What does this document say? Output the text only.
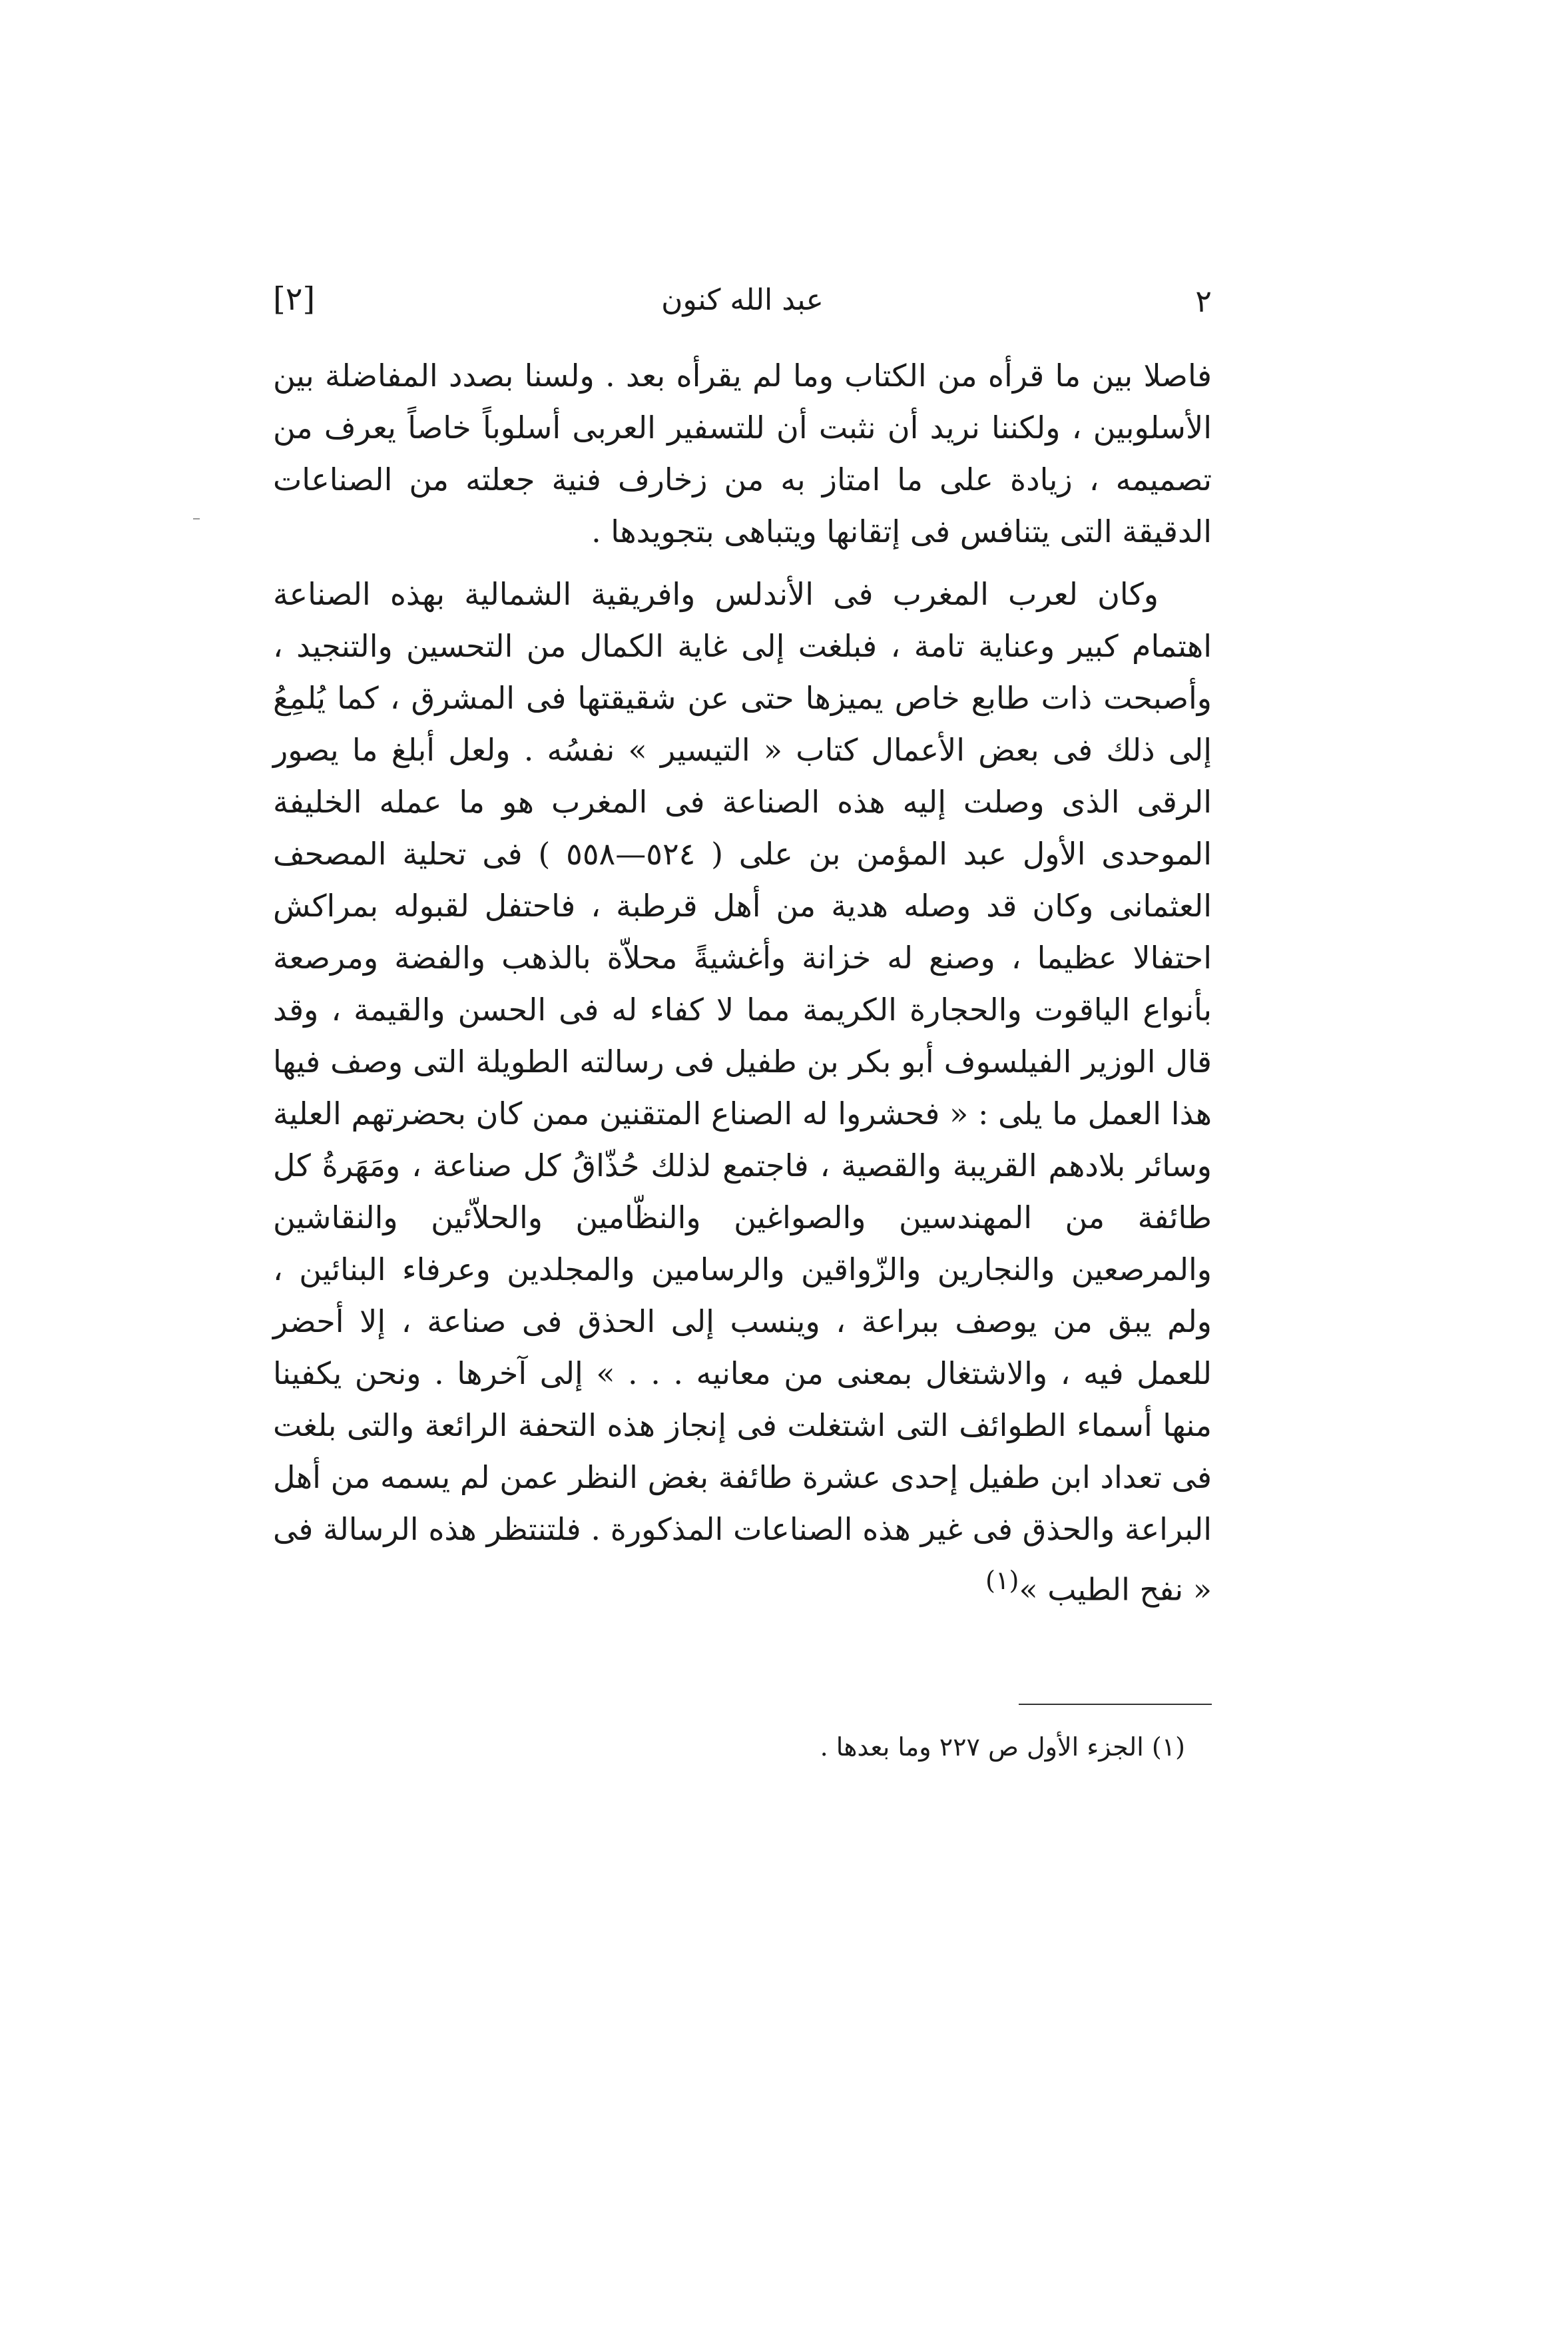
٢
عبد الله كنون
[٢]

فاصلا بين ما قرأه من الكتاب وما لم يقرأه بعد . ولسنا بصدد المفاضلة بين الأسلوبين ، ولكننا نريد أن نثبت أن للتسفير العربى أسلوباً خاصاً يعرف من تصميمه ، زيادة على ما امتاز به من زخارف فنية جعلته من الصناعات الدقيقة التى يتنافس فى إتقانها ويتباهى بتجويدها .

وكان لعرب المغرب فى الأندلس وافريقية الشمالية بهذه الصناعة اهتمام كبير وعناية تامة ، فبلغت إلى غاية الكمال من التحسين والتنجيد ، وأصبحت ذات طابع خاص يميزها حتى عن شقيقتها فى المشرق ، كما يُلمِعُ إلى ذلك فى بعض الأعمال كتاب « التيسير » نفسُه . ولعل أبلغ ما يصور الرقى الذى وصلت إليه هذه الصناعة فى المغرب هو ما عمله الخليفة الموحدى الأول عبد المؤمن بن على ( ٥٢٤—٥٥٨ ) فى تحلية المصحف العثمانى وكان قد وصله هدية من أهل قرطبة ، فاحتفل لقبوله بمراكش احتفالا عظيما ، وصنع له خزانة وأغشيةً محلاّة بالذهب والفضة ومرصعة بأنواع الياقوت والحجارة الكريمة مما لا كفاء له فى الحسن والقيمة ، وقد قال الوزير الفيلسوف أبو بكر بن طفيل فى رسالته الطويلة التى وصف فيها هذا العمل ما يلى : « فحشروا له الصناع المتقنين ممن كان بحضرتهم العلية وسائر بلادهم القريبة والقصية ، فاجتمع لذلك حُذّاقُ كل صناعة ، ومَهَرةُ كل طائفة من المهندسين والصواغين والنظّامين والحلاّئين والنقاشين والمرصعين والنجارين والزّواقين والرسامين والمجلدين وعرفاء البنائين ، ولم يبق من يوصف ببراعة ، وينسب إلى الحذق فى صناعة ، إلا أحضر للعمل فيه ، والاشتغال بمعنى من معانيه . . . » إلى آخرها . ونحن يكفينا منها أسماء الطوائف التى اشتغلت فى إنجاز هذه التحفة الرائعة والتى بلغت فى تعداد ابن طفيل إحدى عشرة طائفة بغض النظر عمن لم يسمه من أهل البراعة والحذق فى غير هذه الصناعات المذكورة . فلتنتظر هذه الرسالة فى « نفح الطيب »$^{(١)}$

(١) الجزء الأول ص ٢٢٧ وما بعدها .
